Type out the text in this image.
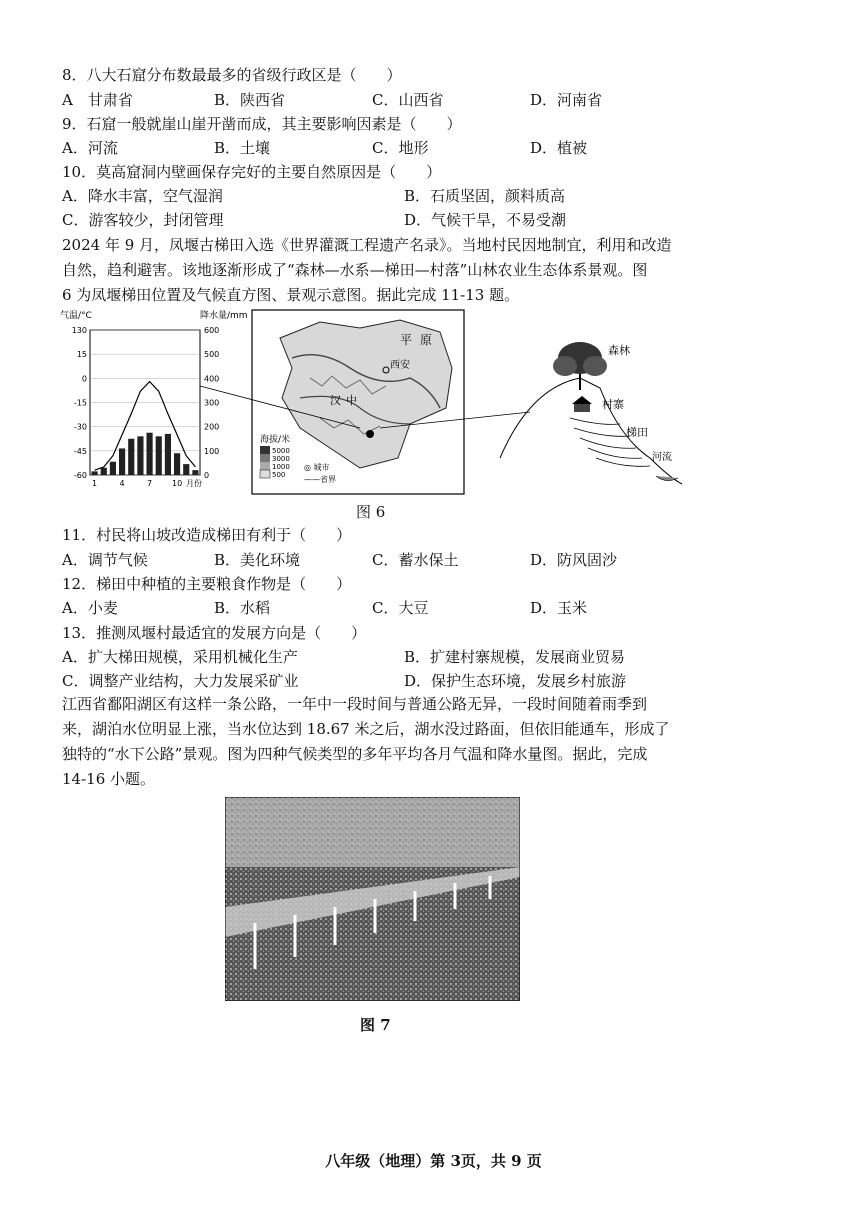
8．八大石窟分布数最最多的省级行政区是（　　）
A　甘肃省	B．陕西省	C．山西省	D．河南省
9．石窟一般就崖山崖开凿而成，其主要影响因素是（　　）
A．河流	B．土壤	C．地形	D．植被
10．莫高窟洞内壁画保存完好的主要自然原因是（　　）
A．降水丰富，空气湿润	B．石质坚固，颜料质高
C．游客较少，封闭管理	D．气候干旱，不易受潮
2024 年 9 月，凤堰古梯田入选《世界灌溉工程遗产名录》。当地村民因地制宜，利用和改造
自然，趋利避害。该地逐渐形成了“森林—水系—梯田—村落”山林农业生态体系景观。图
6 为凤堰梯田位置及气候直方图、景观示意图。据此完成 11-13 题。
气温/°C	降水量/mm
130
15
0
-15
-30
-45
-60
600
500
400
300
200
100
0
1	4	7 10 月份
平 原
西安
汉 中
海拔/米
5000
3000
1000
500
◎ 城市
——省界
森林
村寨
梯田
河流
图 6
11．村民将山坡改造成梯田有利于（　　）
A．调节气候	B．美化环境	C．蓄水保土	D．防风固沙
12．梯田中种植的主要粮食作物是（　　）
A．小麦	B．水稻	C．大豆	D．玉米
13．推测凤堰村最适宜的发展方向是（　　）
A．扩大梯田规模，采用机械化生产	B．扩建村寨规模，发展商业贸易
C．调整产业结构，大力发展采矿业	D．保护生态环境，发展乡村旅游
江西省鄱阳湖区有这样一条公路，一年中一段时间与普通公路无异，一段时间随着雨季到
来，湖泊水位明显上涨，当水位达到 18.67 米之后，湖水没过路面，但依旧能通车，形成了
独特的“水下公路”景观。图为四种气候类型的多年平均各月气温和降水量图。据此，完成
14-16 小题。
图 7
八年级（地理）第 3页，共 9 页
